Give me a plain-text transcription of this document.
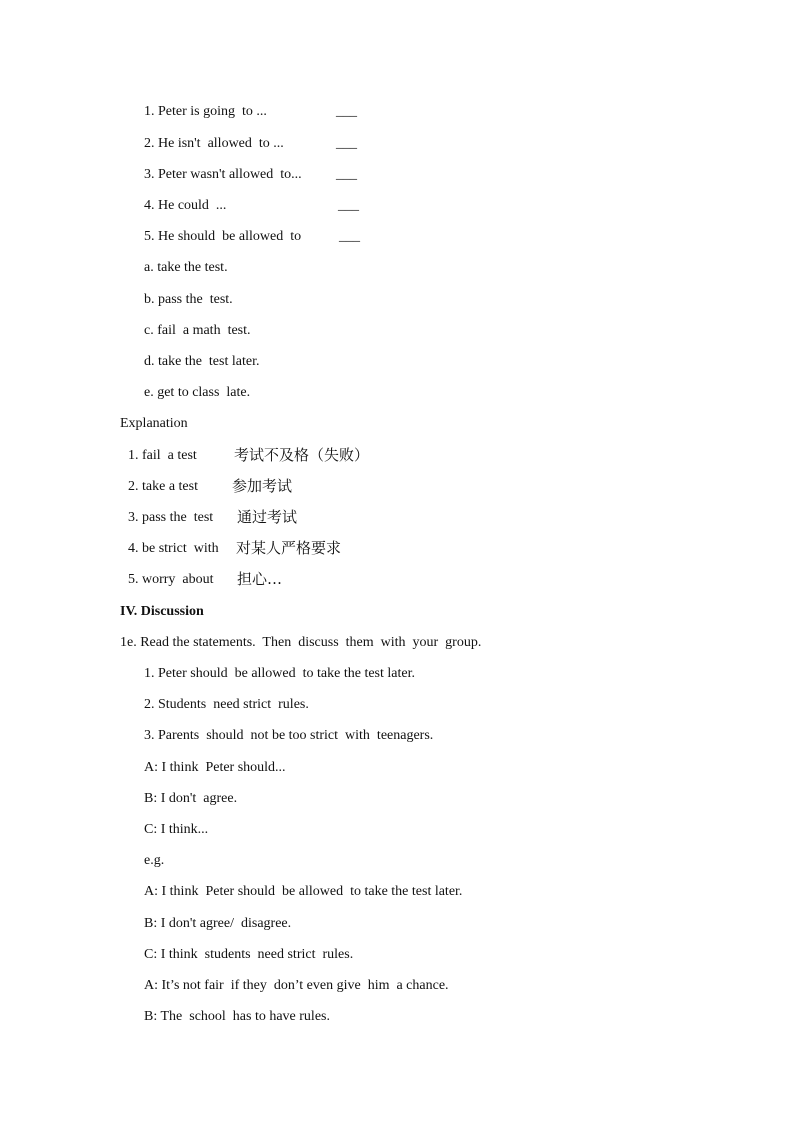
1. Peter is going  to ...	___
2. He isn't  allowed  to ...	___
3. Peter wasn't allowed  to... ___
4. He could  ...	___
5. He should  be allowed  to	___
a. take the test.
b. pass the  test.
c. fail  a math  test.
d. take the  test later.
e. get to class  late.
Explanation
1. fail  a test 考试不及格（失败）
2. take a test 参加考试
3. pass the  test 通过考试
4. be strict  with 对某人严格要求
5. worry  about 担心…
IV. Discussion
1e. Read the statements.  Then  discuss  them  with  your  group.
1. Peter should  be allowed  to take the test later.
2. Students  need strict  rules.
3. Parents  should  not be too strict  with  teenagers.
A: I think  Peter should...
B: I don't  agree.
C: I think...
e.g.
A: I think  Peter should  be allowed  to take the test later.
B: I don't agree/  disagree.
C: I think  students  need strict  rules.
A: It’s not fair  if they  don’t even give  him  a chance.
B: The  school  has to have rules.
